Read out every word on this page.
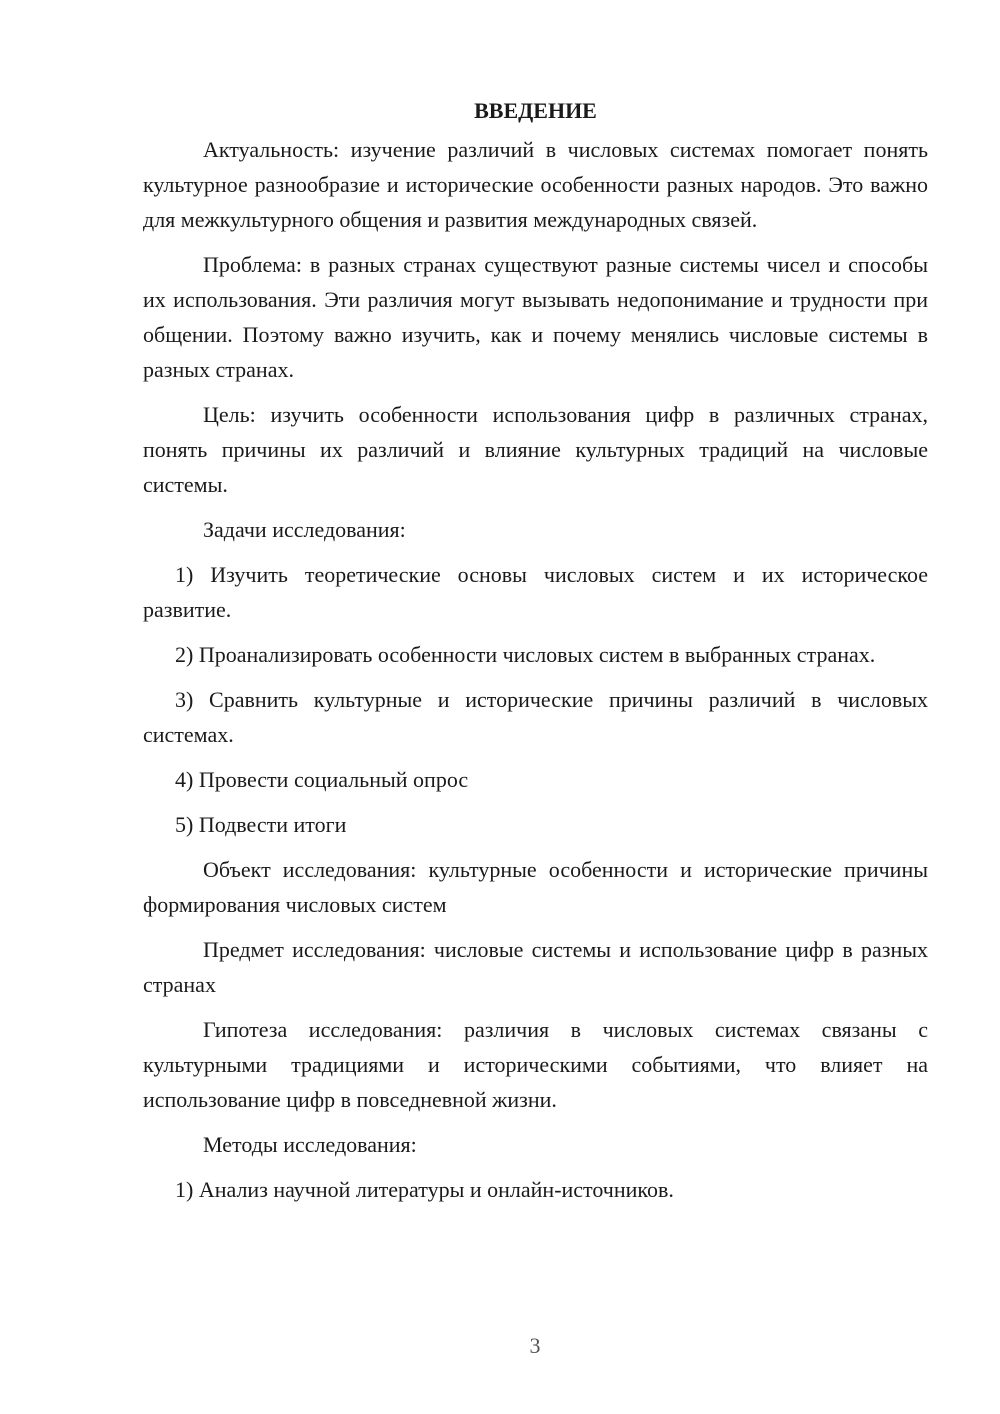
ВВЕДЕНИЕ

Актуальность: изучение различий в числовых системах помогает понять культурное разнообразие и исторические особенности разных народов. Это важно для межкультурного общения и развития международных связей.

Проблема: в разных странах существуют разные системы чисел и способы их использования. Эти различия могут вызывать недопонимание и трудности при общении. Поэтому важно изучить, как и почему менялись числовые системы в разных странах.

Цель: изучить особенности использования цифр в различных странах, понять причины их различий и влияние культурных традиций на числовые системы.

Задачи исследования:

1) Изучить теоретические основы числовых систем и их историческое развитие.

2) Проанализировать особенности числовых систем в выбранных странах.

3) Сравнить культурные и исторические причины различий в числовых системах.

4) Провести социальный опрос

5) Подвести итоги

Объект исследования: культурные особенности и исторические причины формирования числовых систем

Предмет исследования: числовые системы и использование цифр в разных странах

Гипотеза исследования: различия в числовых системах связаны с культурными традициями и историческими событиями, что влияет на использование цифр в повседневной жизни.

Методы исследования:

1) Анализ научной литературы и онлайн-источников.

3
